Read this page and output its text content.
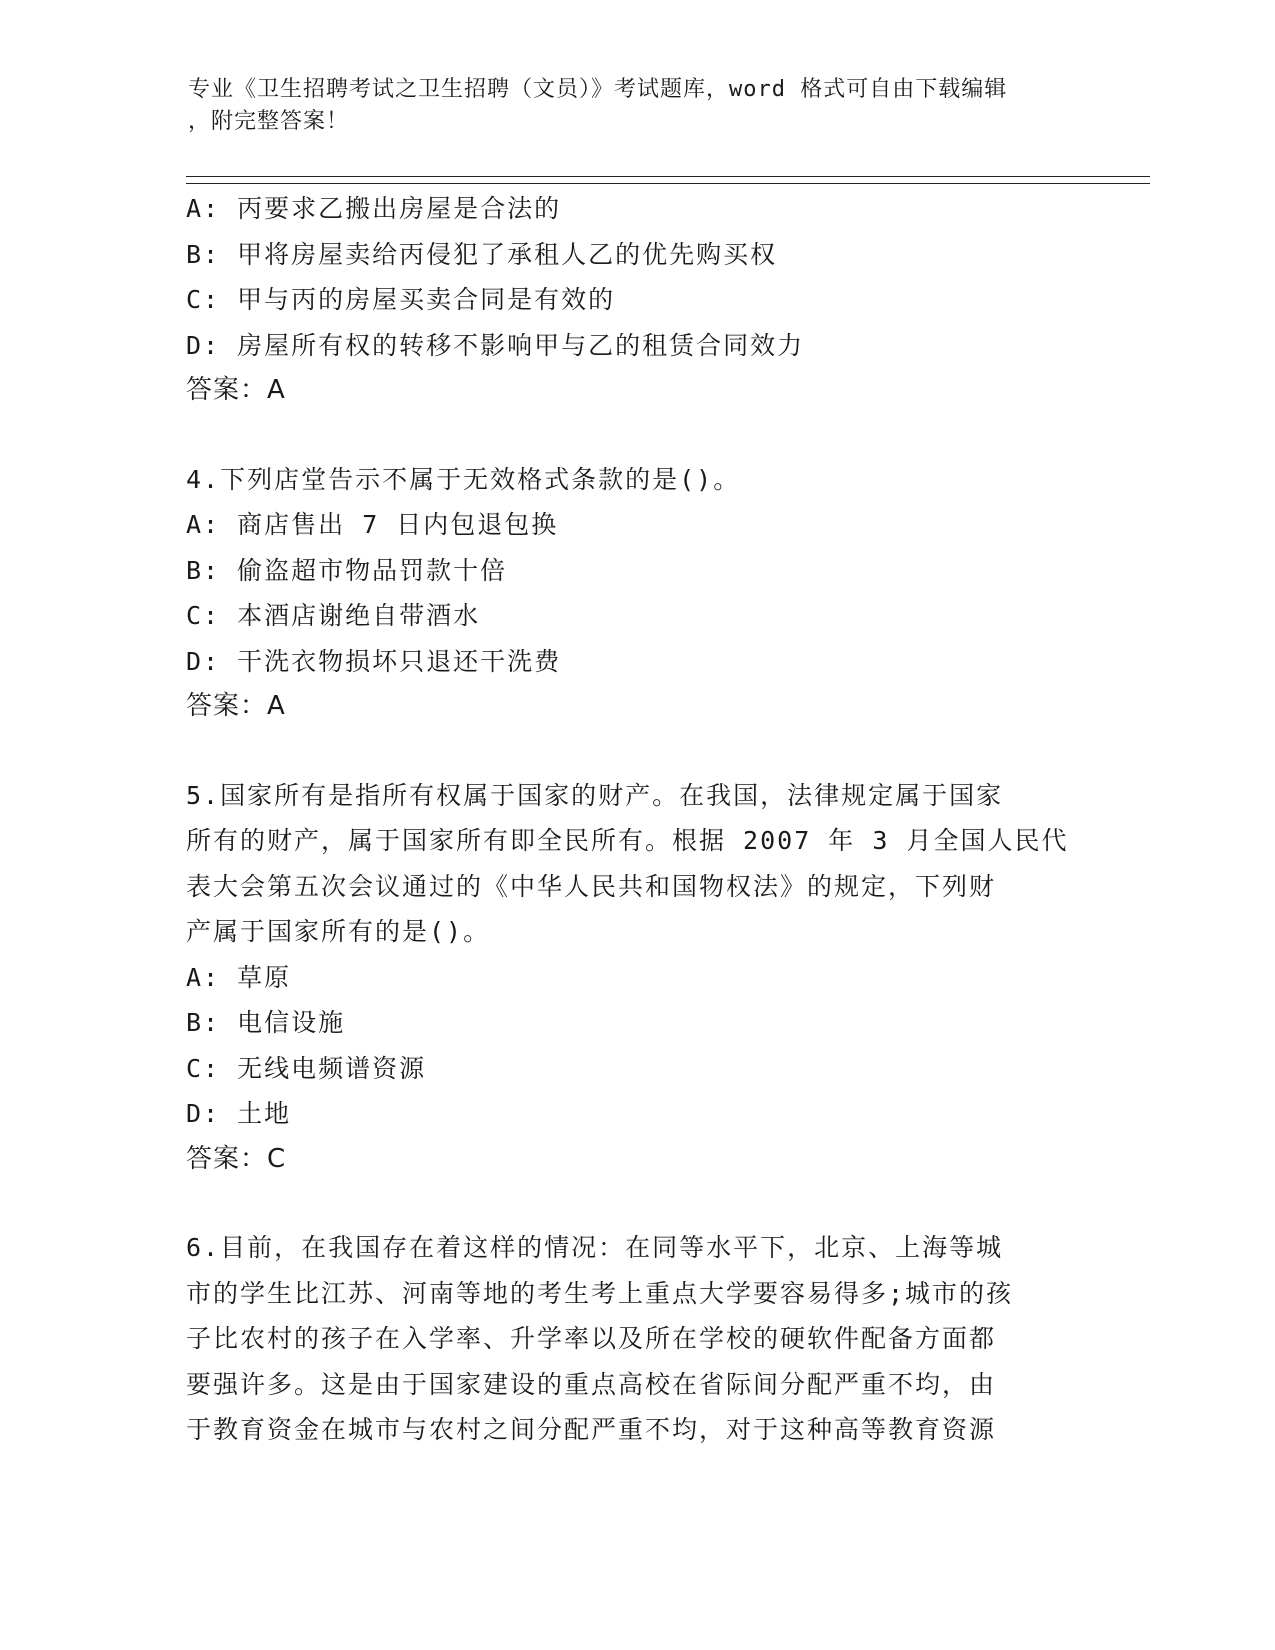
专业《卫生招聘考试之卫生招聘（文员）》考试题库，word 格式可自由下载编辑
，附完整答案！
A: 丙要求乙搬出房屋是合法的
B: 甲将房屋卖给丙侵犯了承租人乙的优先购买权
C: 甲与丙的房屋买卖合同是有效的
D: 房屋所有权的转移不影响甲与乙的租赁合同效力
答案：A
4.下列店堂告示不属于无效格式条款的是()。
A: 商店售出 7 日内包退包换
B: 偷盗超市物品罚款十倍
C: 本酒店谢绝自带酒水
D: 干洗衣物损坏只退还干洗费
答案：A
5.国家所有是指所有权属于国家的财产。在我国，法律规定属于国家
所有的财产，属于国家所有即全民所有。根据 2007 年 3 月全国人民代
表大会第五次会议通过的《中华人民共和国物权法》的规定，下列财
产属于国家所有的是()。
A: 草原
B: 电信设施
C: 无线电频谱资源
D: 土地
答案：C
6.目前，在我国存在着这样的情况：在同等水平下，北京、上海等城
市的学生比江苏、河南等地的考生考上重点大学要容易得多;城市的孩
子比农村的孩子在入学率、升学率以及所在学校的硬软件配备方面都
要强许多。这是由于国家建设的重点高校在省际间分配严重不均，由
于教育资金在城市与农村之间分配严重不均，对于这种高等教育资源
